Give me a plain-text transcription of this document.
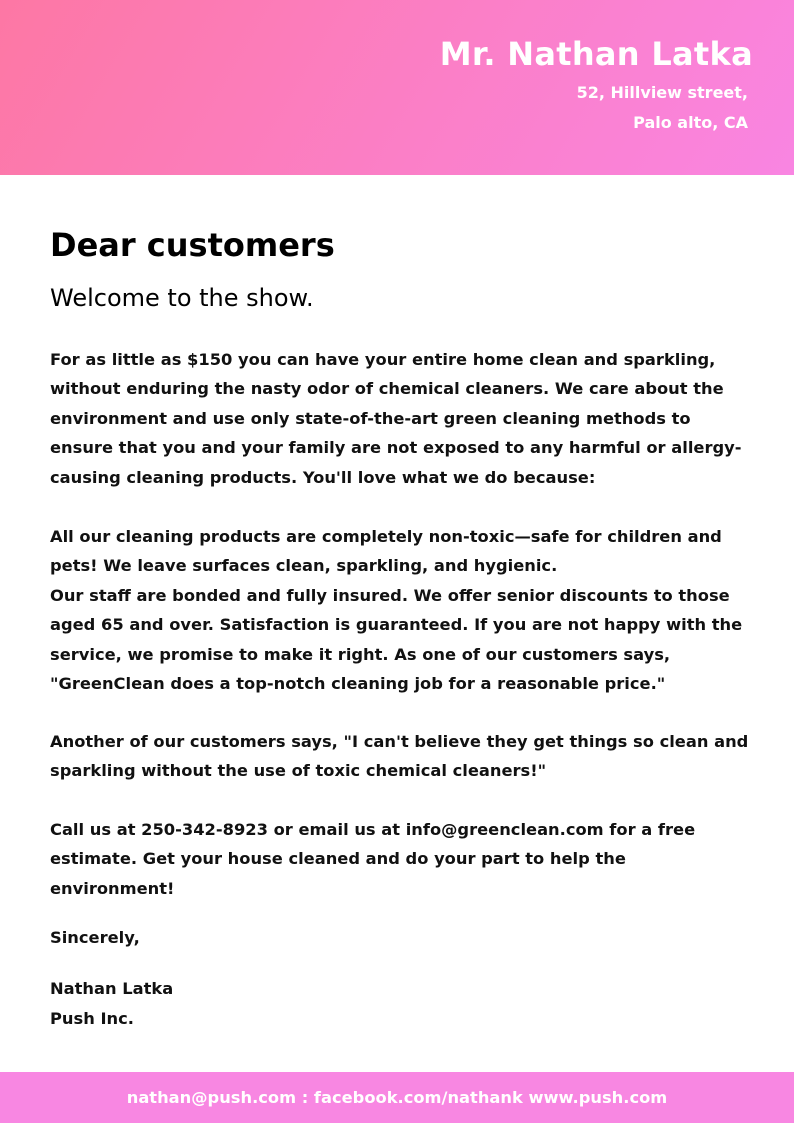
Mr. Nathan Latka
52, Hillview street,
Palo alto, CA
Dear customers
Welcome to the show.

For as little as $150 you can have your entire home clean and sparkling, without enduring the nasty odor of chemical cleaners. We care about the environment and use only state-of-the-art green cleaning methods to ensure that you and your family are not exposed to any harmful or allergy-causing cleaning products. You'll love what we do because:

All our cleaning products are completely non-toxic—safe for children and pets! We leave surfaces clean, sparkling, and hygienic.

Our staff are bonded and fully insured. We offer senior discounts to those aged 65 and over. Satisfaction is guaranteed. If you are not happy with the service, we promise to make it right. As one of our customers says, "GreenClean does a top-notch cleaning job for a reasonable price."

Another of our customers says, "I can't believe they get things so clean and sparkling without the use of toxic chemical cleaners!"

Call us at 250-342-8923 or email us at info@greenclean.com for a free estimate. Get your house cleaned and do your part to help the environment!

Sincerely,
Nathan Latka
Push Inc.
nathan@push.com : facebook.com/nathank www.push.com
